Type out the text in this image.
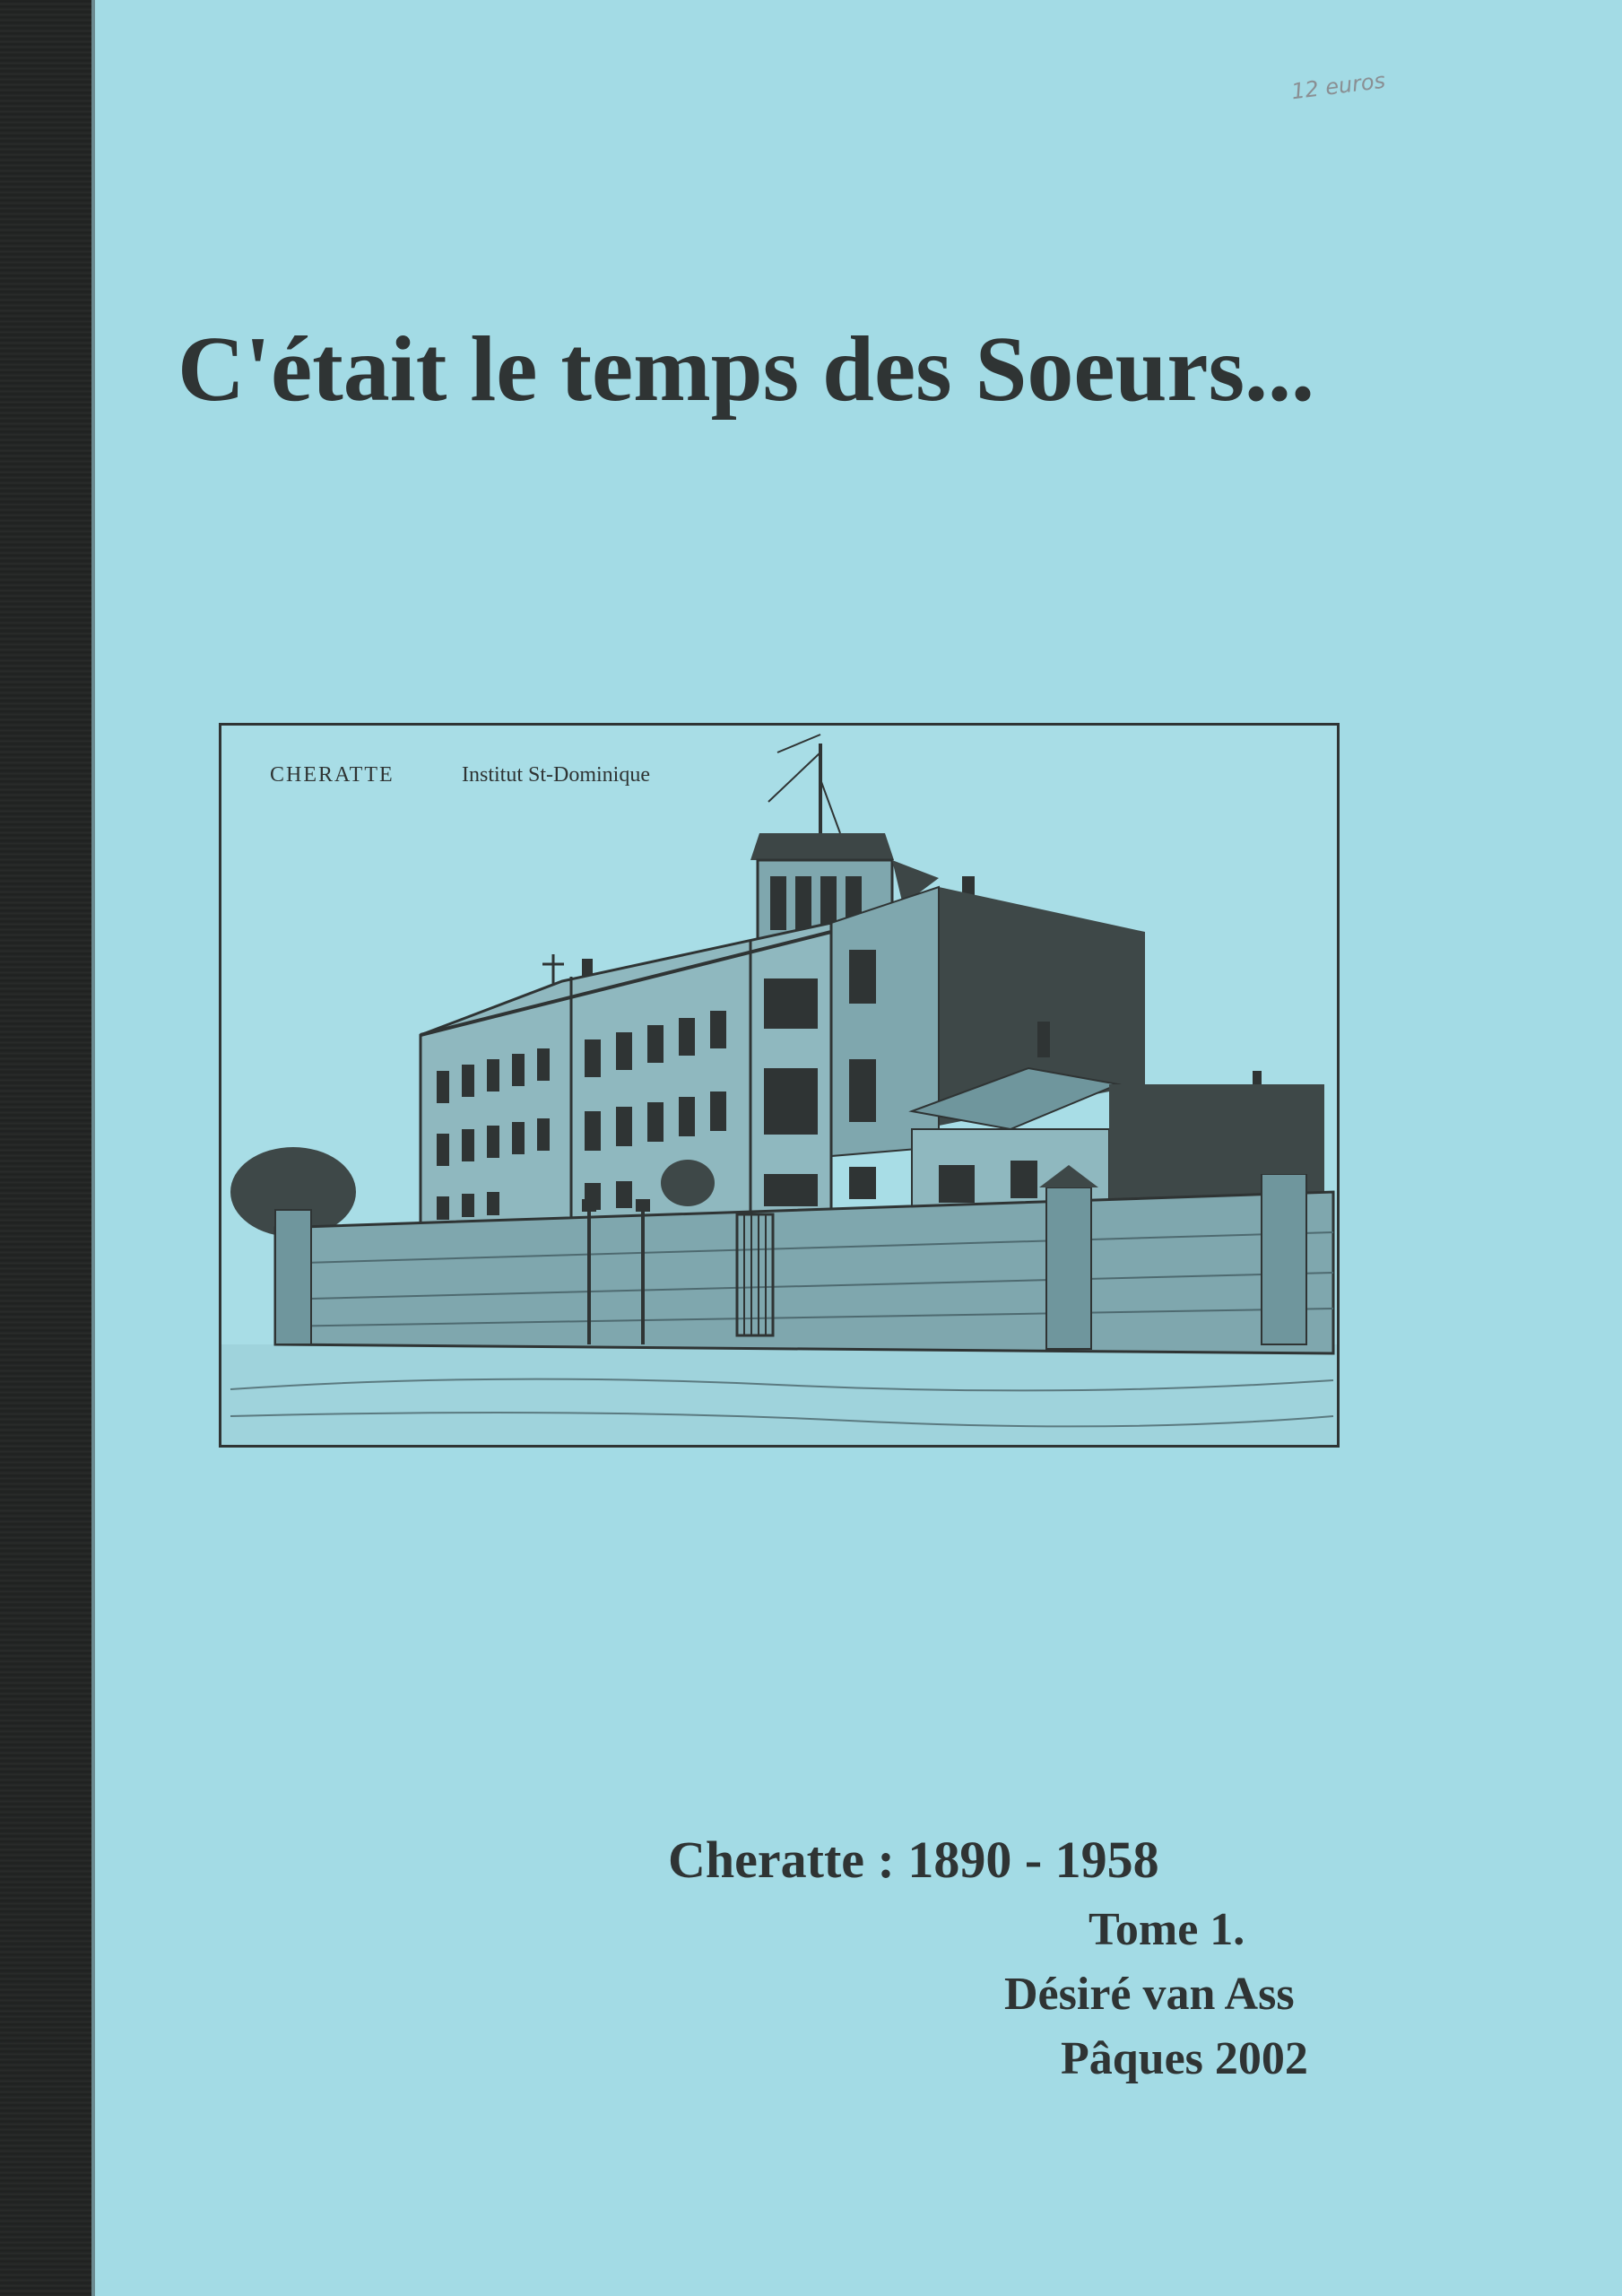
12 euros
C'était le temps des Soeurs...
CHERATTE	Institut St-Dominique

Cheratte : 1890 - 1958

Tome 1.

Désiré van Ass

Pâques 2002
